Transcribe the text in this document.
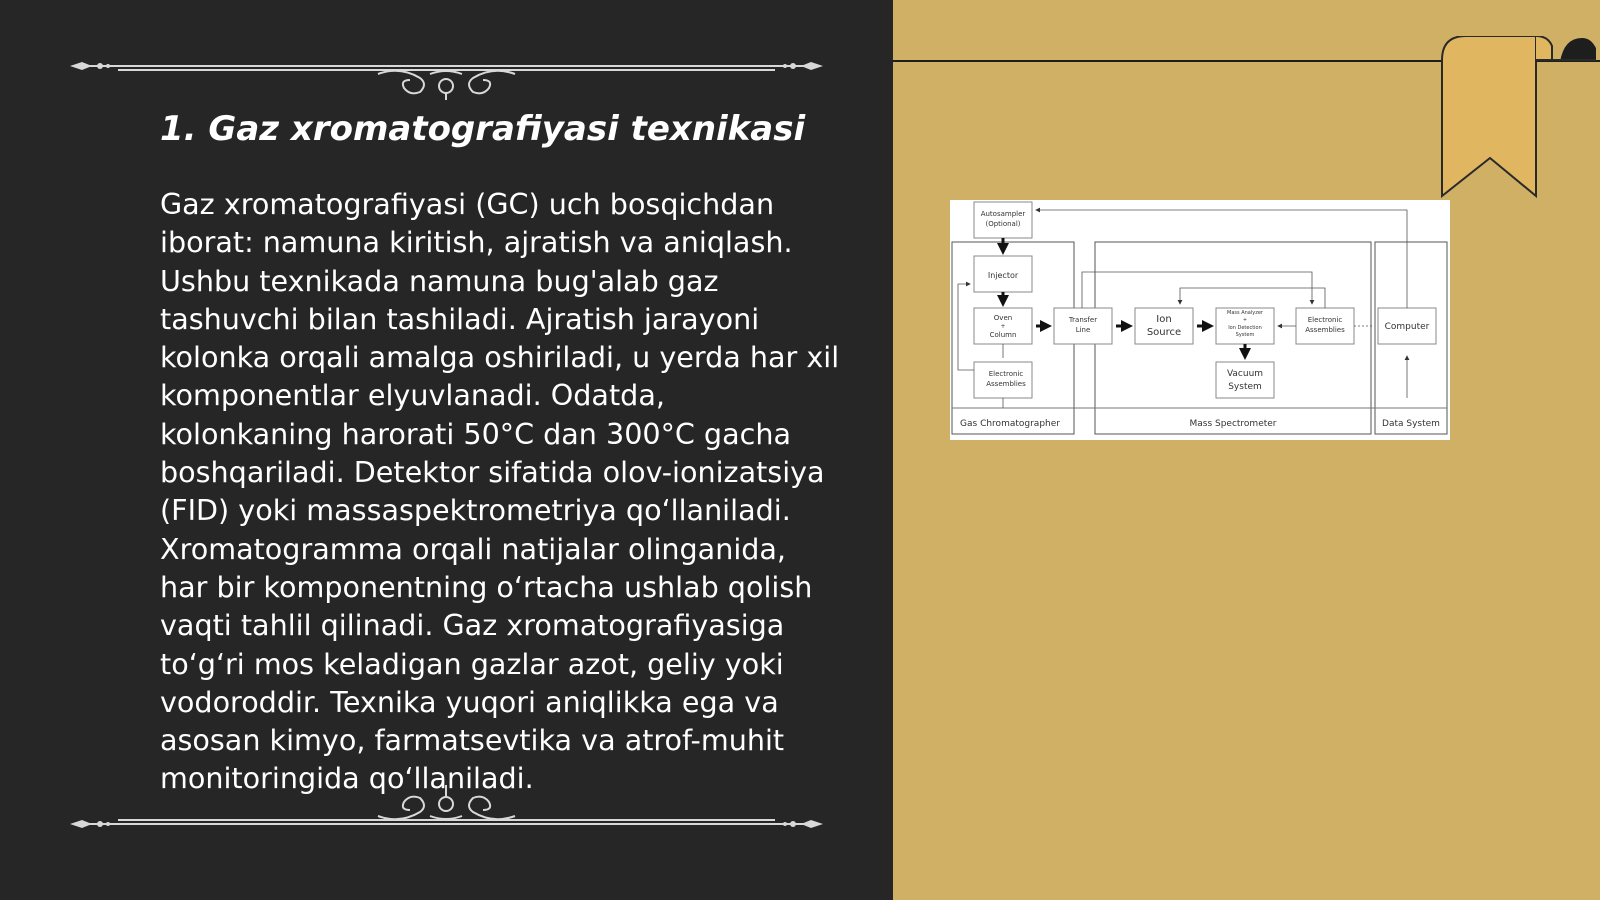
1. Gaz xromatografiyasi texnikasi
Gaz xromatografiyasi (GC) uch bosqichdan iborat: namuna kiritish, ajratish va aniqlash. Ushbu texnikada namuna bug'alab gaz tashuvchi bilan tashiladi. Ajratish jarayoni kolonka orqali amalga oshiriladi, u yerda har xil komponentlar elyuvlanadi. Odatda, kolonkaning harorati 50°C dan 300°C gacha boshqariladi. Detektor sifatida olov-ionizatsiya (FID) yoki massaspektrometriya qo‘llaniladi. Xromatogramma orqali natijalar olinganida, har bir komponentning o‘rtacha ushlab qolish vaqti tahlil qilinadi. Gaz xromatografiyasiga to‘g‘ri mos keladigan gazlar azot, geliy yoki vodoroddir. Texnika yuqori aniqlikka ega va asosan kimyo, farmatsevtika va atrof-muhit monitoringida qo‘llaniladi.
Autosampler
(Optional)
Injector
Oven
+
Column
Electronic
Assemblies
Transfer
Line
Ion
Source
Mass Analyzer
+
Ion Detection
System
Electronic
Assemblies
Vacuum
System
Computer
Gas Chromatographer	Mass Spectrometer	Data System
